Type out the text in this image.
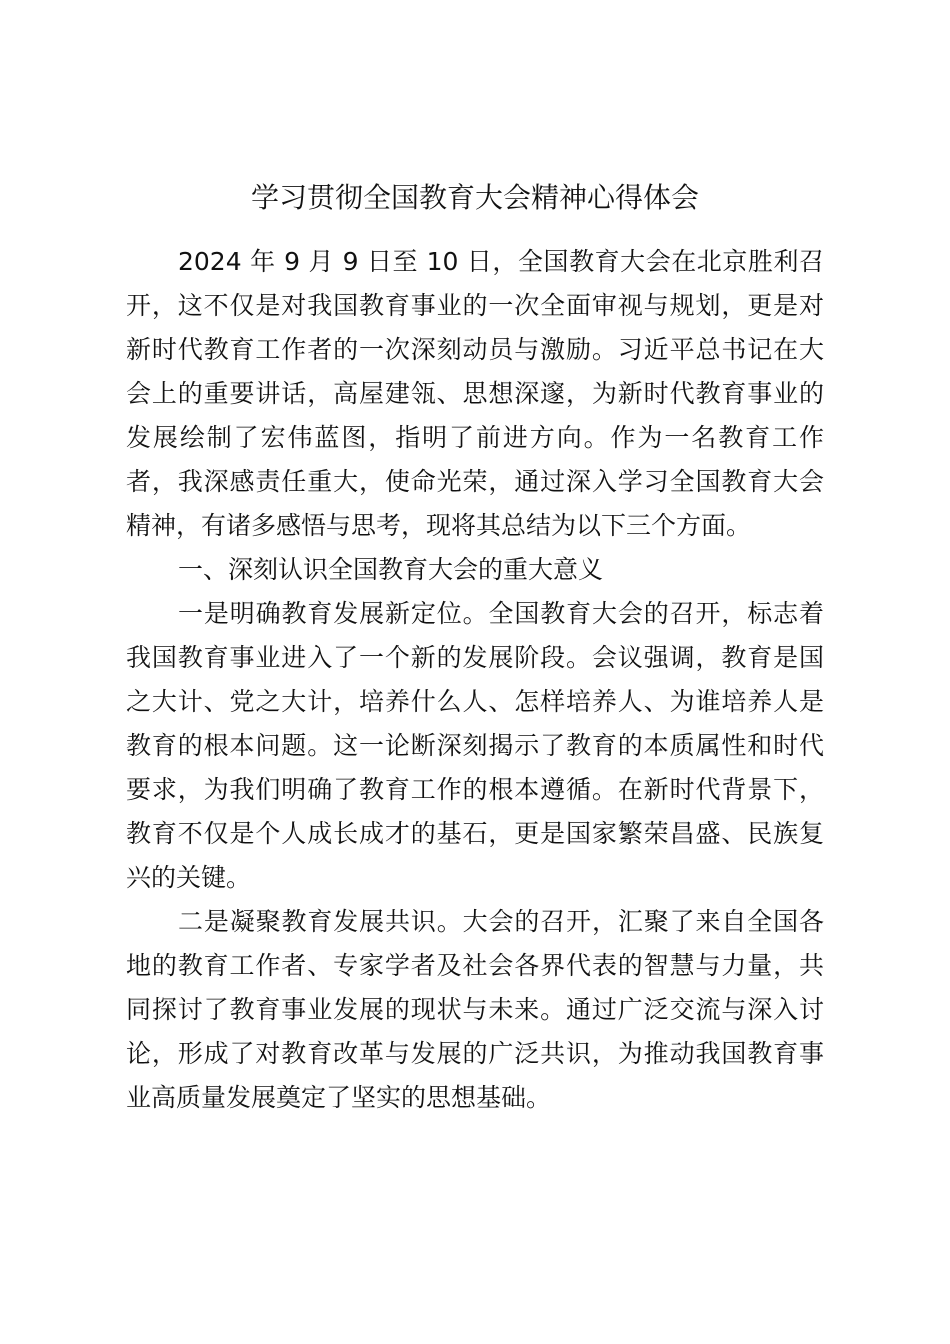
学习贯彻全国教育大会精神心得体会
2024 年 9 月 9 日至 10 日，全国教育大会在北京胜利召
开，这不仅是对我国教育事业的一次全面审视与规划，更是对
新时代教育工作者的一次深刻动员与激励。习近平总书记在大
会上的重要讲话，高屋建瓴、思想深邃，为新时代教育事业的
发展绘制了宏伟蓝图，指明了前进方向。作为一名教育工作
者，我深感责任重大，使命光荣，通过深入学习全国教育大会
精神，有诸多感悟与思考，现将其总结为以下三个方面。
一、深刻认识全国教育大会的重大意义
一是明确教育发展新定位。全国教育大会的召开，标志着
我国教育事业进入了一个新的发展阶段。会议强调，教育是国
之大计、党之大计，培养什么人、怎样培养人、为谁培养人是
教育的根本问题。这一论断深刻揭示了教育的本质属性和时代
要求，为我们明确了教育工作的根本遵循。在新时代背景下，
教育不仅是个人成长成才的基石，更是国家繁荣昌盛、民族复
兴的关键。
二是凝聚教育发展共识。大会的召开，汇聚了来自全国各
地的教育工作者、专家学者及社会各界代表的智慧与力量，共
同探讨了教育事业发展的现状与未来。通过广泛交流与深入讨
论，形成了对教育改革与发展的广泛共识，为推动我国教育事
业高质量发展奠定了坚实的思想基础。
